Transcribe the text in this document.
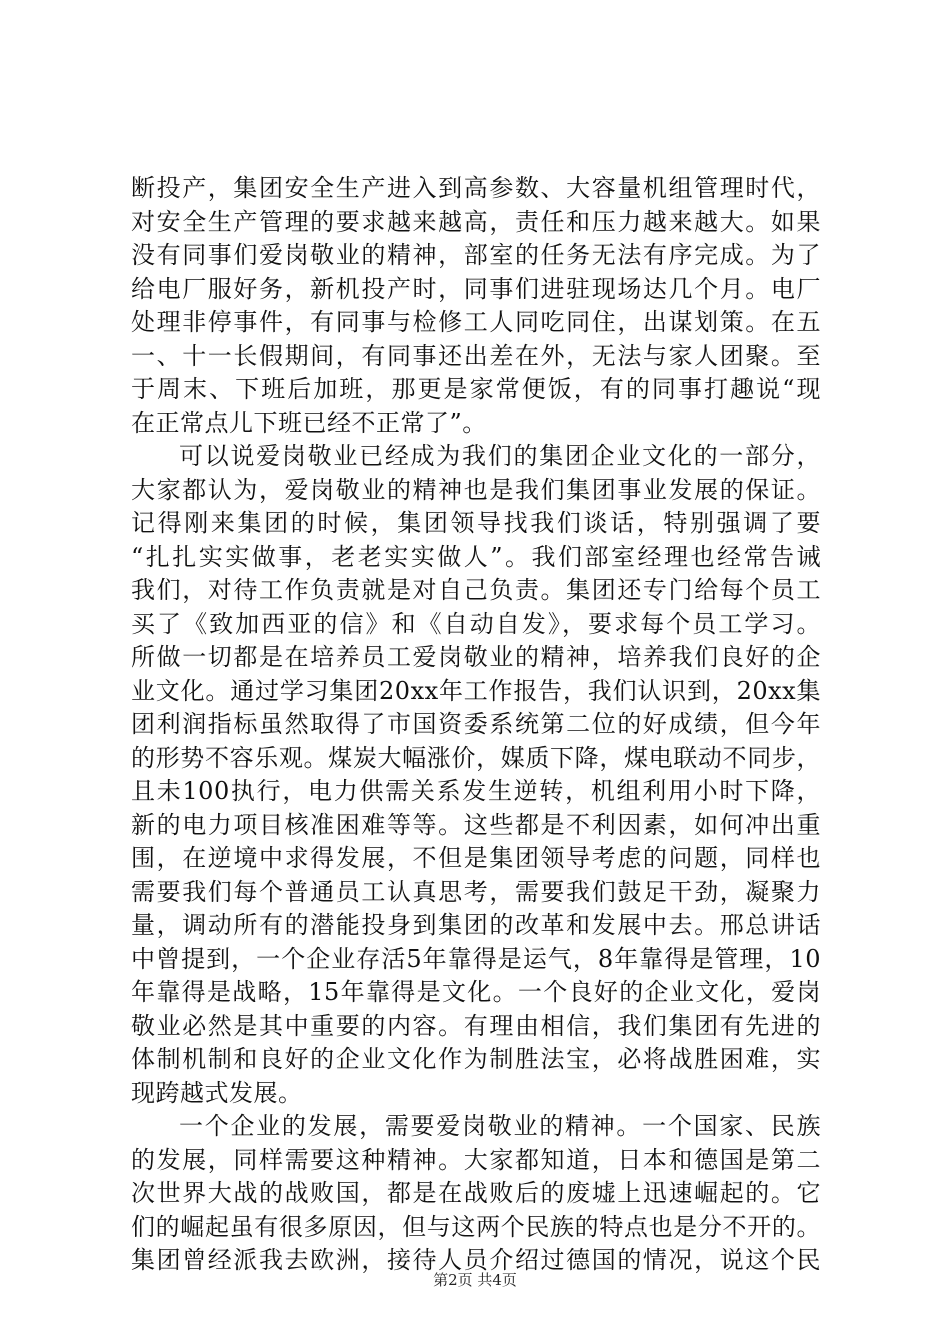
断投产，集团安全生产进入到高参数、大容量机组管理时代，
对安全生产管理的要求越来越高，责任和压力越来越大。如果
没有同事们爱岗敬业的精神，部室的任务无法有序完成。为了
给电厂服好务，新机投产时，同事们进驻现场达几个月。电厂
处理非停事件，有同事与检修工人同吃同住，出谋划策。在五
一、十一长假期间，有同事还出差在外，无法与家人团聚。至
于周末、下班后加班，那更是家常便饭，有的同事打趣说“现
在正常点儿下班已经不正常了”。
可以说爱岗敬业已经成为我们的集团企业文化的一部分，
大家都认为，爱岗敬业的精神也是我们集团事业发展的保证。
记得刚来集团的时候，集团领导找我们谈话，特别强调了要
“扎扎实实做事，老老实实做人”。我们部室经理也经常告诫
我们，对待工作负责就是对自己负责。集团还专门给每个员工
买了《致加西亚的信》和《自动自发》，要求每个员工学习。
所做一切都是在培养员工爱岗敬业的精神，培养我们良好的企
业文化。通过学习集团20xx年工作报告，我们认识到，20xx集
团利润指标虽然取得了市国资委系统第二位的好成绩，但今年
的形势不容乐观。煤炭大幅涨价，媒质下降，煤电联动不同步，
且未100执行，电力供需关系发生逆转，机组利用小时下降，
新的电力项目核准困难等等。这些都是不利因素，如何冲出重
围，在逆境中求得发展，不但是集团领导考虑的问题，同样也
需要我们每个普通员工认真思考，需要我们鼓足干劲，凝聚力
量，调动所有的潜能投身到集团的改革和发展中去。邢总讲话
中曾提到，一个企业存活5年靠得是运气，8年靠得是管理，10
年靠得是战略，15年靠得是文化。一个良好的企业文化，爱岗
敬业必然是其中重要的内容。有理由相信，我们集团有先进的
体制机制和良好的企业文化作为制胜法宝，必将战胜困难，实
现跨越式发展。
一个企业的发展，需要爱岗敬业的精神。一个国家、民族
的发展，同样需要这种精神。大家都知道，日本和德国是第二
次世界大战的战败国，都是在战败后的废墟上迅速崛起的。它
们的崛起虽有很多原因，但与这两个民族的特点也是分不开的。
集团曾经派我去欧洲，接待人员介绍过德国的情况，说这个民
第2页 共4页
